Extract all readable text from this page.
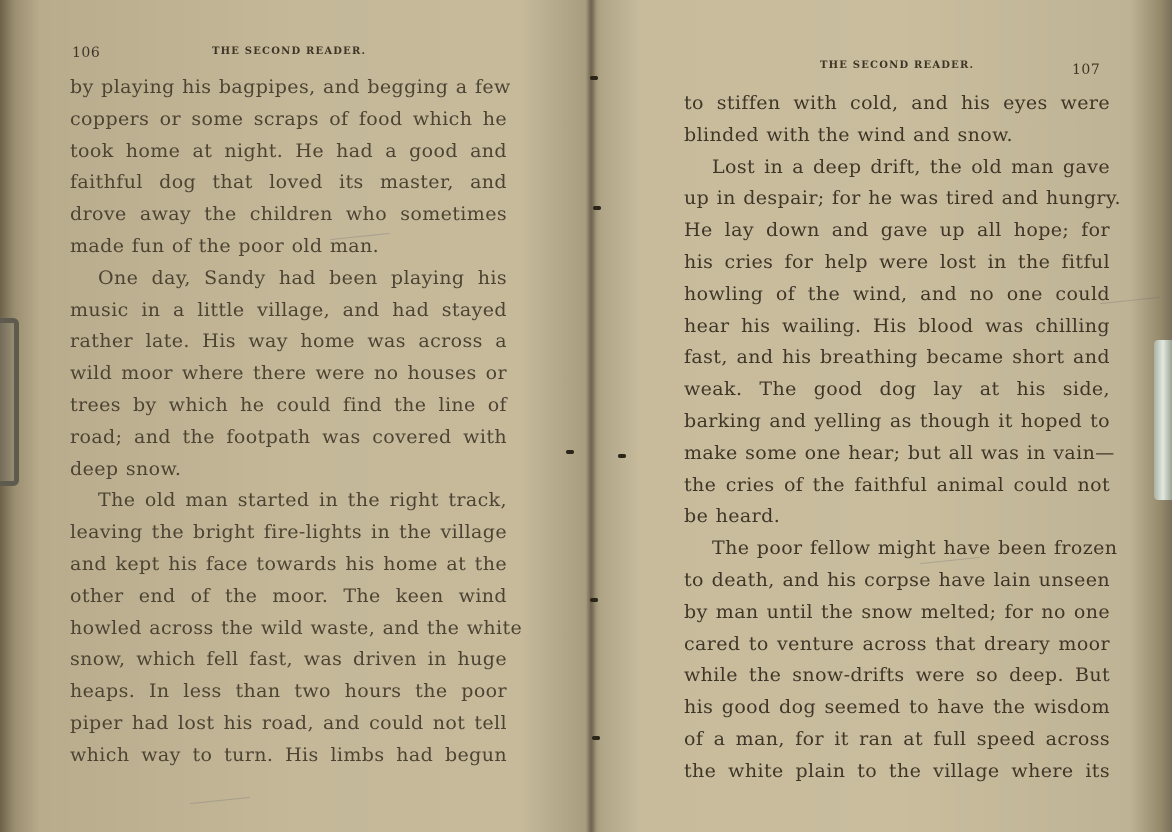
106	THE SECOND READER.
by playing his bagpipes, and begging a few
coppers or some scraps of food which he
took home at night. He had a good and
faithful dog that loved its master, and
drove away the children who sometimes
made fun of the poor old man.
One day, Sandy had been playing his
music in a little village, and had stayed
rather late. His way home was across a
wild moor where there were no houses or
trees by which he could find the line of
road; and the footpath was covered with
deep snow.
The old man started in the right track,
leaving the bright fire-lights in the village
and kept his face towards his home at the
other end of the moor. The keen wind
howled across the wild waste, and the white
snow, which fell fast, was driven in huge
heaps. In less than two hours the poor
piper had lost his road, and could not tell
which way to turn. His limbs had begun
THE SECOND READER.	107
to stiffen with cold, and his eyes were
blinded with the wind and snow.
Lost in a deep drift, the old man gave
up in despair; for he was tired and hungry.
He lay down and gave up all hope; for
his cries for help were lost in the fitful
howling of the wind, and no one could
hear his wailing. His blood was chilling
fast, and his breathing became short and
weak. The good dog lay at his side,
barking and yelling as though it hoped to
make some one hear; but all was in vain—
the cries of the faithful animal could not
be heard.
The poor fellow might have been frozen
to death, and his corpse have lain unseen
by man until the snow melted; for no one
cared to venture across that dreary moor
while the snow-drifts were so deep. But
his good dog seemed to have the wisdom
of a man, for it ran at full speed across
the white plain to the village where its
